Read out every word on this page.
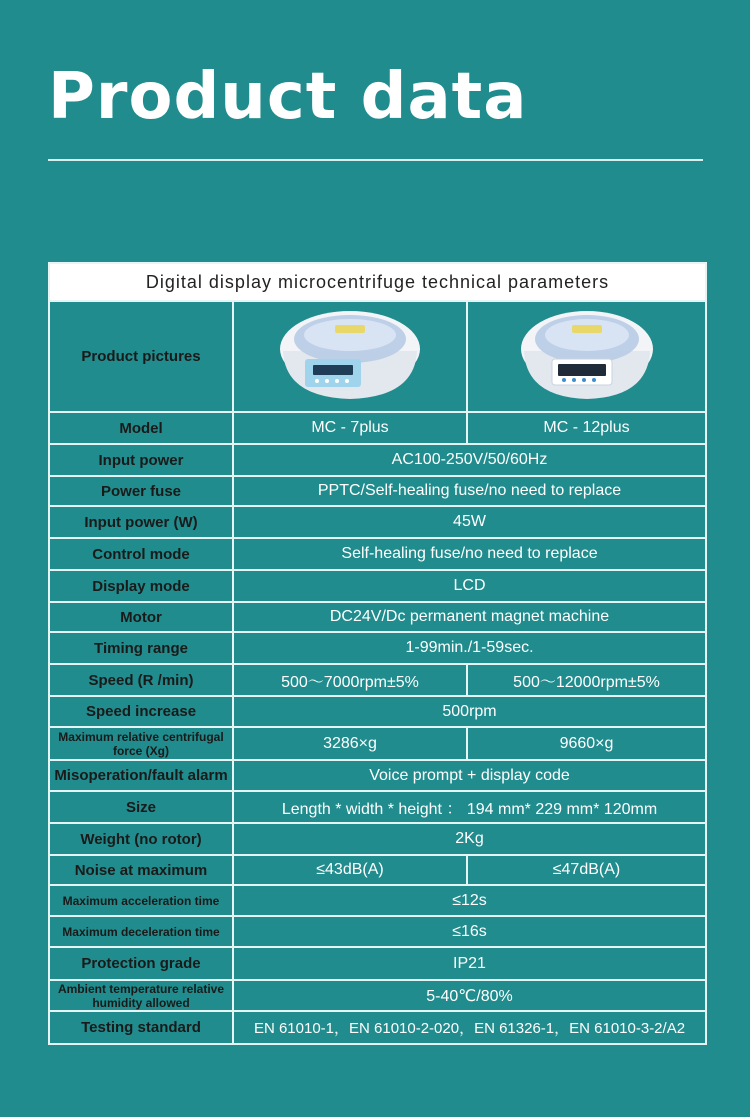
Product data
Digital display microcentrifuge technical parameters		
Product pictures	

Model	MC - 7plus	MC - 12plus
Input power	AC100-250V/50/60Hz	
Power fuse	PPTC/Self-healing fuse/no need to replace	
Input power (W)	45W	
Control mode	Self-healing fuse/no need to replace	
Display mode	LCD	
Motor	DC24V/Dc permanent magnet machine	
Timing range	1-99min./1-59sec.	
Speed (R /min)	500～7000rpm±5%	500～12000rpm±5%
Speed increase	500rpm	
Maximum relative centrifugal force (Xg)	3286×g	9660×g
Misoperation/fault alarm	Voice prompt + display code	
Size	Length * width * height ： 194 mm* 229 mm* 120mm	
Weight (no rotor)	2Kg	
Noise at maximum	≤43dB(A)	≤47dB(A)
Maximum acceleration time	≤12s	
Maximum deceleration time	≤16s	
Protection grade	IP21	
Ambient temperature relative humidity allowed	5-40℃/80%	
Testing standard	EN 61010-1，EN 61010-2-020，EN 61326-1，EN 61010-3-2/A2	
